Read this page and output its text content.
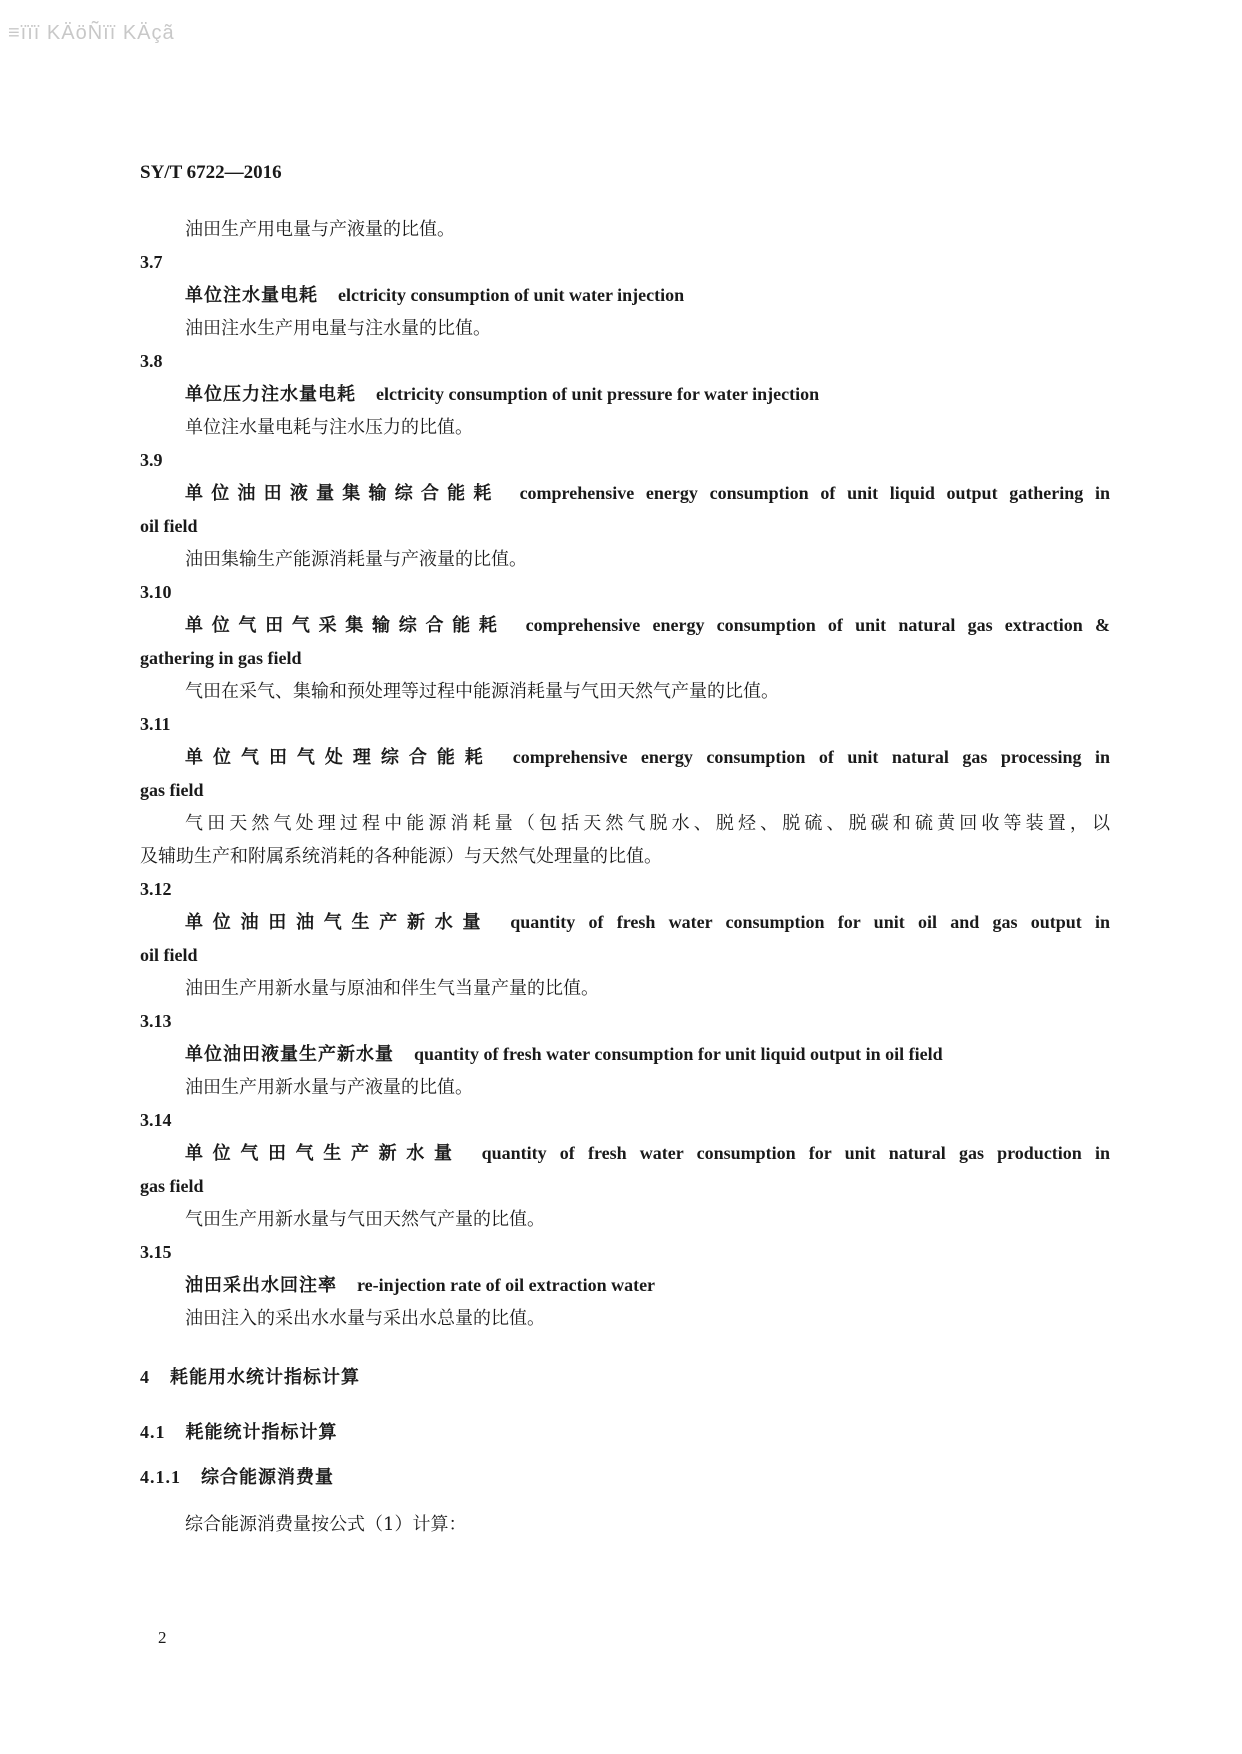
≡ïïï KÄöÑïï KÄçã
SY/T 6722—2016
油田生产用电量与产液量的比值。
3.7
单位注水量电耗 elctricity consumption of unit water injection
油田注水生产用电量与注水量的比值。
3.8
单位压力注水量电耗 elctricity consumption of unit pressure for water injection
单位注水量电耗与注水压力的比值。
3.9
单位油田液量集输综合能耗 comprehensive energy consumption of unit liquid output gathering in
oil field
油田集输生产能源消耗量与产液量的比值。
3.10
单位气田气采集输综合能耗 comprehensive energy consumption of unit natural gas extraction &
gathering in gas field
气田在采气、集输和预处理等过程中能源消耗量与气田天然气产量的比值。
3.11
单位气田气处理综合能耗 comprehensive energy consumption of unit natural gas processing in
gas field
气田天然气处理过程中能源消耗量（包括天然气脱水、脱烃、脱硫、脱碳和硫黄回收等装置，以
及辅助生产和附属系统消耗的各种能源）与天然气处理量的比值。
3.12
单位油田油气生产新水量 quantity of fresh water consumption for unit oil and gas output in
oil field
油田生产用新水量与原油和伴生气当量产量的比值。
3.13
单位油田液量生产新水量 quantity of fresh water consumption for unit liquid output in oil field
油田生产用新水量与产液量的比值。
3.14
单位气田气生产新水量 quantity of fresh water consumption for unit natural gas production in
gas field
气田生产用新水量与气田天然气产量的比值。
3.15
油田采出水回注率 re-injection rate of oil extraction water
油田注入的采出水水量与采出水总量的比值。
4 耗能用水统计指标计算
4.1 耗能统计指标计算
4.1.1 综合能源消费量
综合能源消费量按公式（1）计算：
2
